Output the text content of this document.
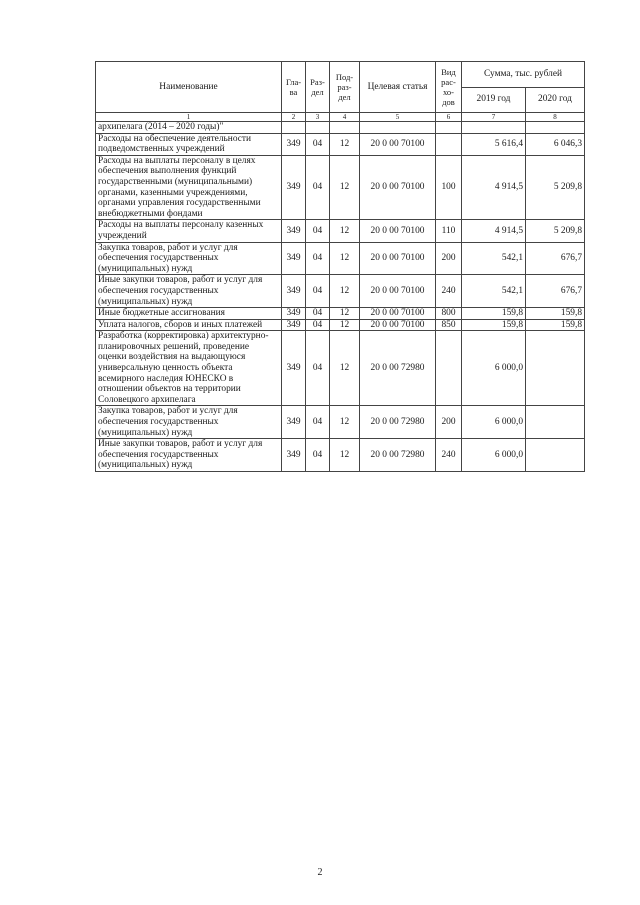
Наименование	Гла-ва	Раз-дел	Под-раз-дел	Целевая статья	Вид рас-хо-дов	Сумма, тыс. рублей	
						2019 год	2020 год
1	2	3	4	5	6	7	8
архипелага (2014 – 2020 годы)"							
Расходы на обеспечение деятельности подведомственных учреждений	349	04	12	20 0 00 70100		5 616,4	6 046,3
Расходы на выплаты персоналу в целях обеспечения выполнения функций государственными (муниципальными) органами, казенными учреждениями, органами управления государственными внебюджетными фондами	349	04	12	20 0 00 70100	100	4 914,5	5 209,8
Расходы на выплаты персоналу казенных учреждений	349	04	12	20 0 00 70100	110	4 914,5	5 209,8
Закупка товаров, работ и услуг для обеспечения государственных (муниципальных) нужд	349	04	12	20 0 00 70100	200	542,1	676,7
Иные закупки товаров, работ и услуг для обеспечения государственных (муниципальных) нужд	349	04	12	20 0 00 70100	240	542,1	676,7
Иные бюджетные ассигнования	349	04	12	20 0 00 70100	800	159,8	159,8
Уплата налогов, сборов и иных платежей	349	04	12	20 0 00 70100	850	159,8	159,8
Разработка (корректировка) архитектурно-планировочных решений, проведение оценки воздействия на выдающуюся универсальную ценность объекта всемирного наследия ЮНЕСКО в отношении объектов на территории Соловецкого архипелага	349	04	12	20 0 00 72980		6 000,0	
Закупка товаров, работ и услуг для обеспечения государственных (муниципальных) нужд	349	04	12	20 0 00 72980	200	6 000,0	
Иные закупки товаров, работ и услуг для обеспечения государственных (муниципальных) нужд	349	04	12	20 0 00 72980	240	6 000,0	
2
